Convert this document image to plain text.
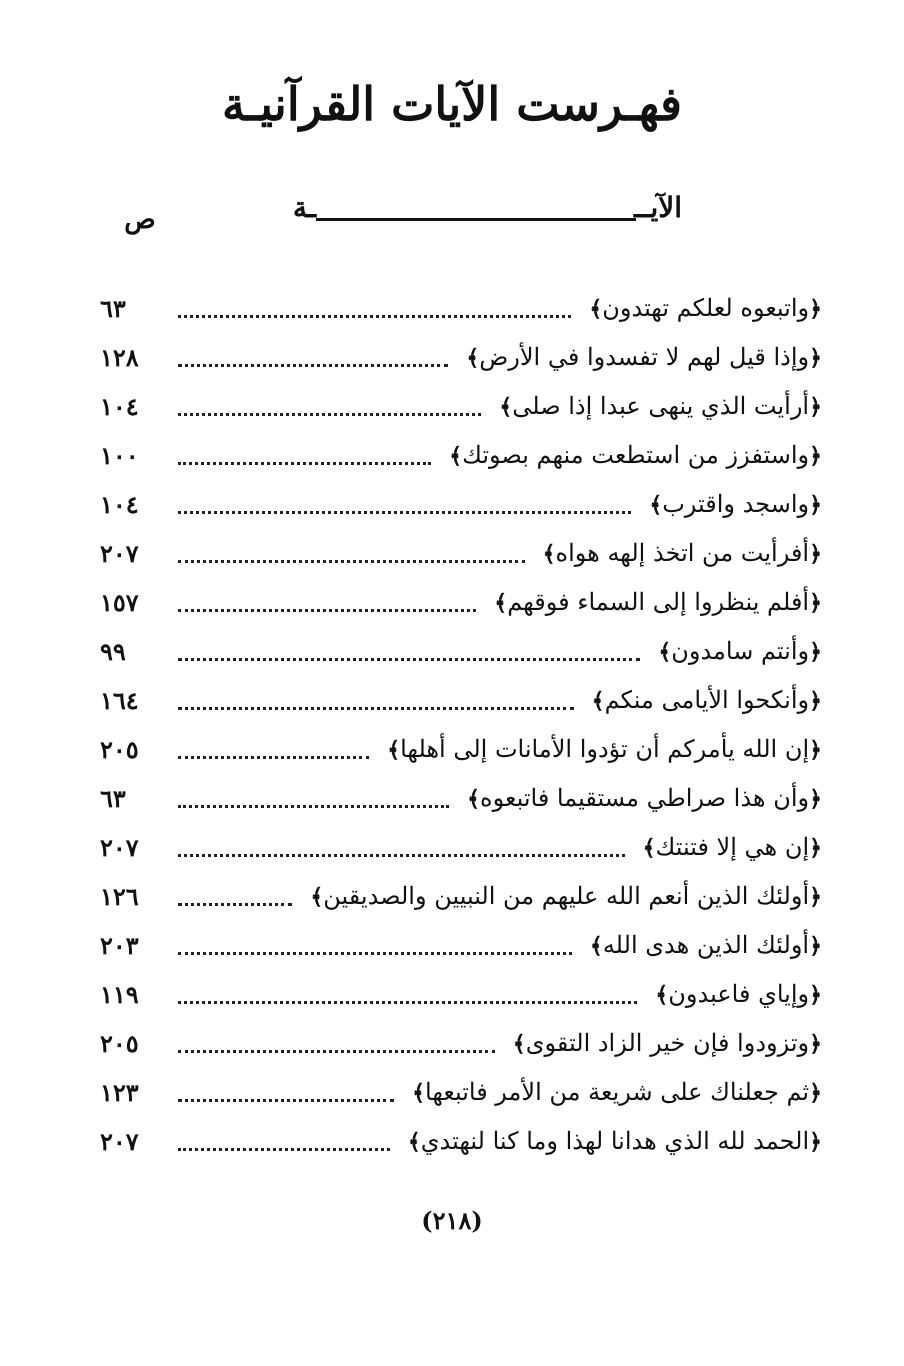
فهـرست الآيات القرآنيـة
الآيـــة
ص
﴿واتبعوه لعلكم تهتدون﴾
٦٣
﴿وإذا قيل لهم لا تفسدوا في الأرض﴾
١٢٨
﴿أرأيت الذي ينهى عبدا إذا صلى﴾
١٠٤
﴿واستفزز من استطعت منهم بصوتك﴾
١٠٠
﴿واسجد واقترب﴾
١٠٤
﴿أفرأيت من اتخذ إلهه هواه﴾
٢٠٧
﴿أفلم ينظروا إلى السماء فوقهم﴾
١٥٧
﴿وأنتم سامدون﴾
٩٩
﴿وأنكحوا الأيامى منكم﴾
١٦٤
﴿إن الله يأمركم أن تؤدوا الأمانات إلى أهلها﴾
٢٠٥
﴿وأن هذا صراطي مستقيما فاتبعوه﴾
٦٣
﴿إن هي إلا فتنتك﴾
٢٠٧
﴿أولئك الذين أنعم الله عليهم من النبيين والصديقين﴾
١٢٦
﴿أولئك الذين هدى الله﴾
٢٠٣
﴿وإياي فاعبدون﴾
١١٩
﴿وتزودوا فإن خير الزاد التقوى﴾
٢٠٥
﴿ثم جعلناك على شريعة من الأمر فاتبعها﴾
١٢٣
﴿الحمد لله الذي هدانا لهذا وما كنا لنهتدي﴾
٢٠٧
(٢١٨)
